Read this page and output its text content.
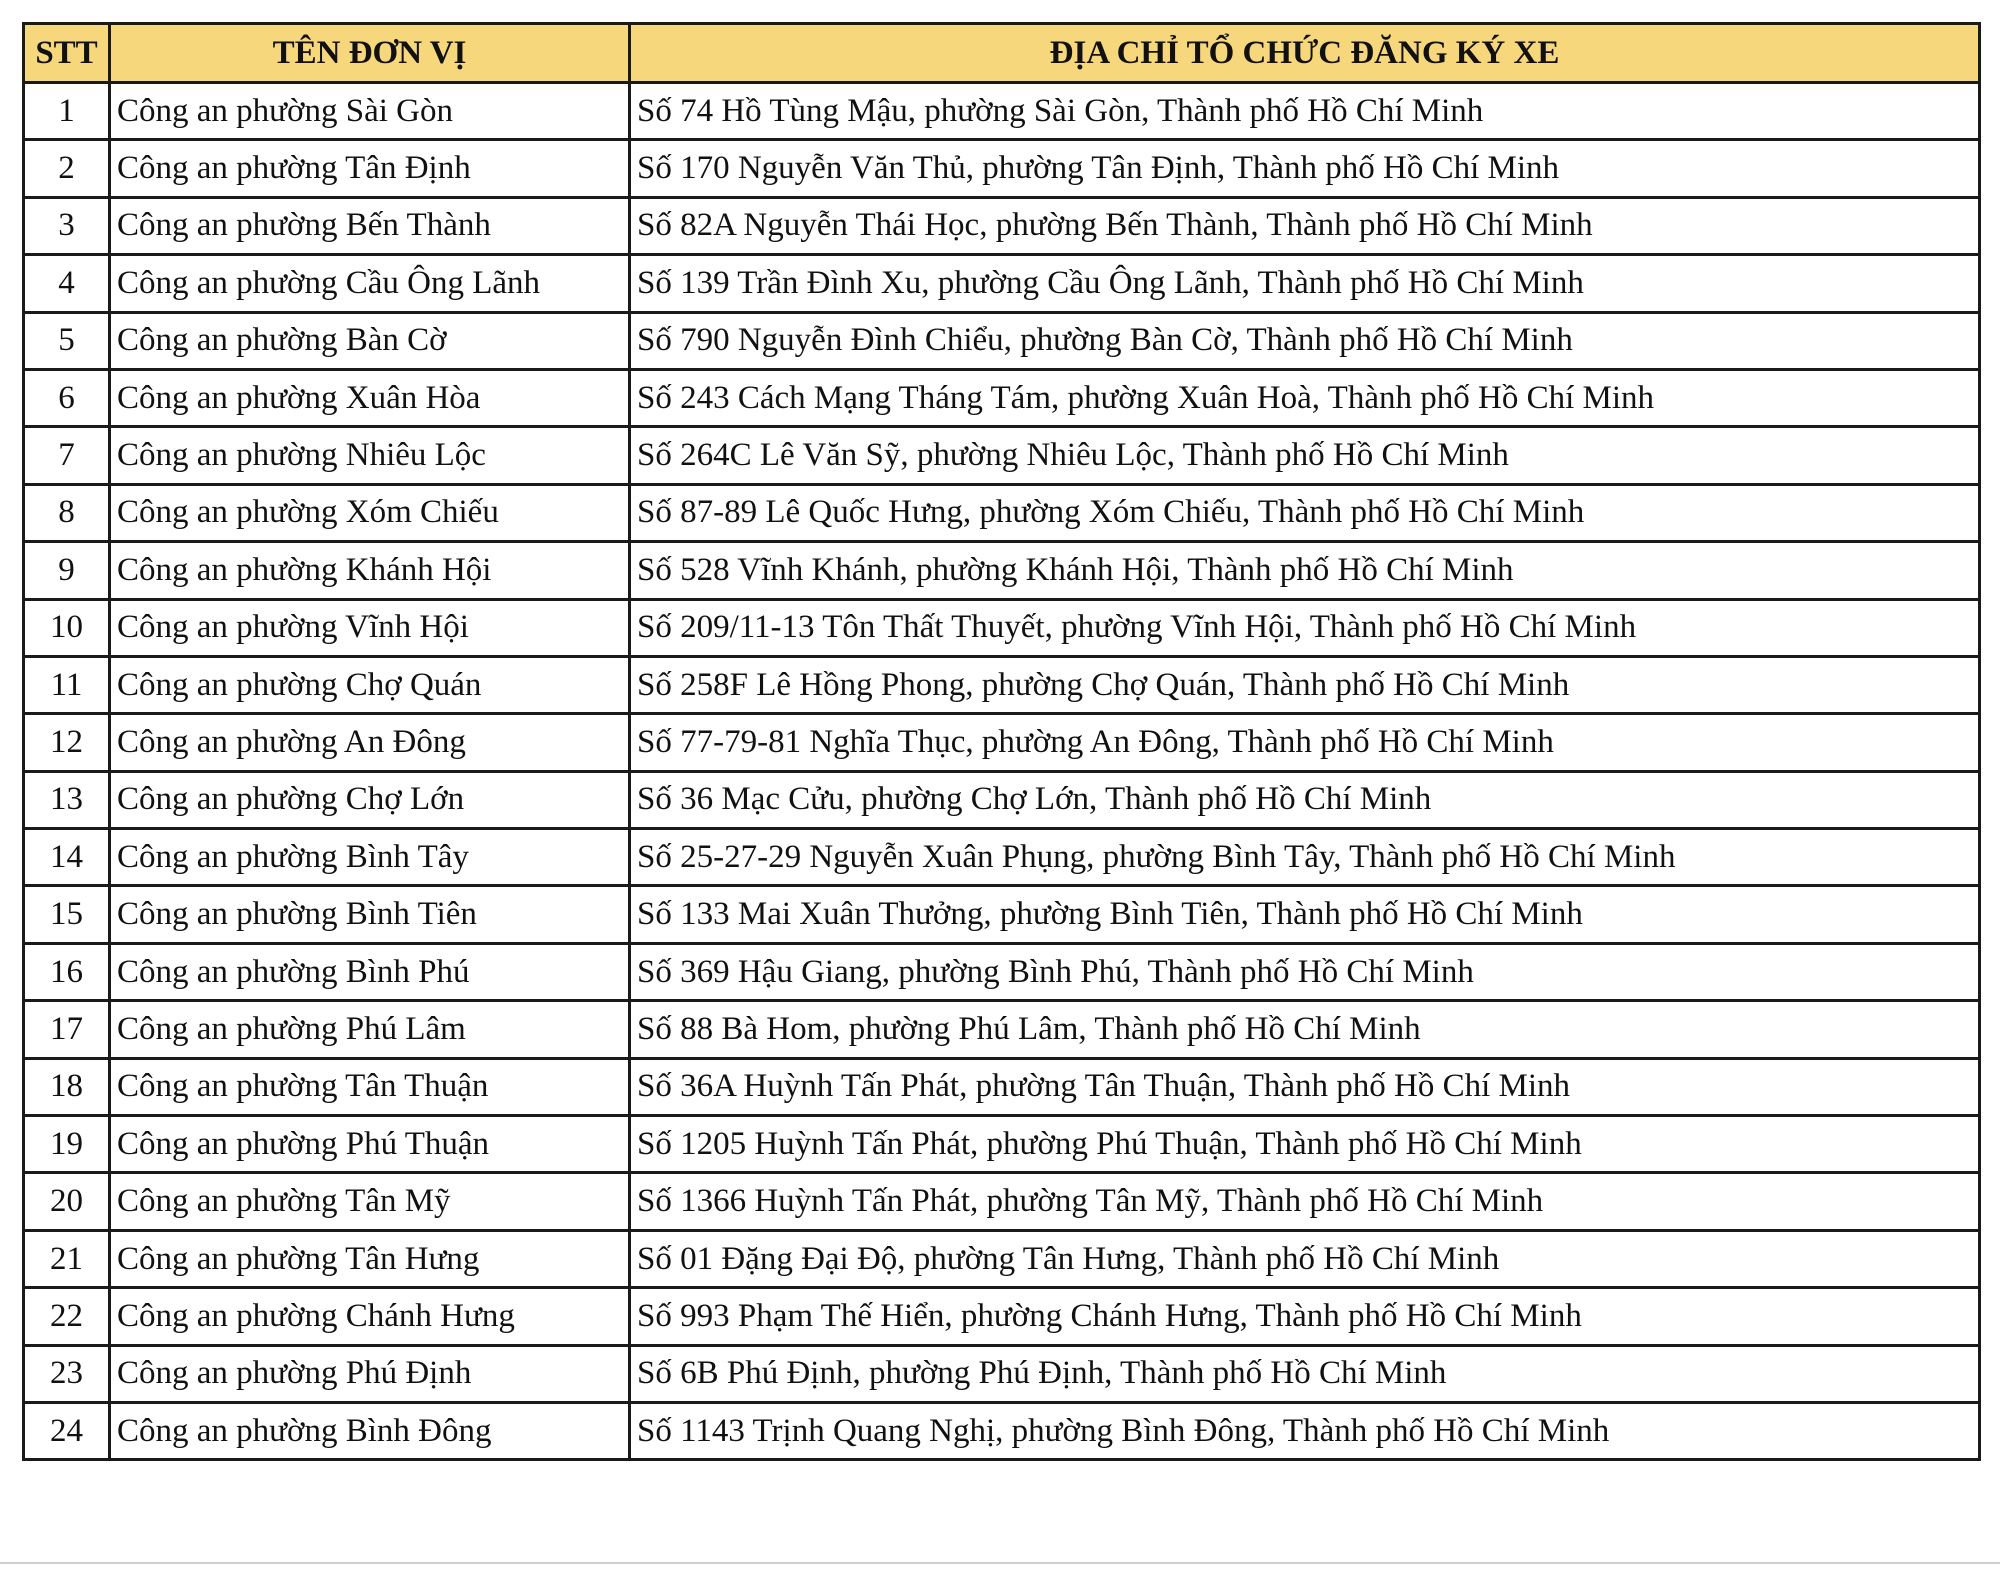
STT	TÊN ĐƠN VỊ	ĐỊA CHỈ TỔ CHỨC ĐĂNG KÝ XE
1	Công an phường Sài Gòn	Số 74 Hồ Tùng Mậu, phường Sài Gòn, Thành phố Hồ Chí Minh
2	Công an phường Tân Định	Số 170 Nguyễn Văn Thủ, phường Tân Định, Thành phố Hồ Chí Minh
3	Công an phường Bến Thành	Số 82A Nguyễn Thái Học, phường Bến Thành, Thành phố Hồ Chí Minh
4	Công an phường Cầu Ông Lãnh	Số 139 Trần Đình Xu, phường Cầu Ông Lãnh, Thành phố Hồ Chí Minh
5	Công an phường Bàn Cờ	Số 790 Nguyễn Đình Chiểu, phường Bàn Cờ, Thành phố Hồ Chí Minh
6	Công an phường Xuân Hòa	Số 243 Cách Mạng Tháng Tám, phường Xuân Hoà, Thành phố Hồ Chí Minh
7	Công an phường Nhiêu Lộc	Số 264C Lê Văn Sỹ, phường Nhiêu Lộc, Thành phố Hồ Chí Minh
8	Công an phường Xóm Chiếu	Số 87-89 Lê Quốc Hưng, phường Xóm Chiếu, Thành phố Hồ Chí Minh
9	Công an phường Khánh Hội	Số 528 Vĩnh Khánh, phường Khánh Hội, Thành phố Hồ Chí Minh
10	Công an phường Vĩnh Hội	Số 209/11-13 Tôn Thất Thuyết, phường Vĩnh Hội, Thành phố Hồ Chí Minh
11	Công an phường Chợ Quán	Số 258F Lê Hồng Phong, phường Chợ Quán, Thành phố Hồ Chí Minh
12	Công an phường An Đông	Số 77-79-81 Nghĩa Thục, phường An Đông, Thành phố Hồ Chí Minh
13	Công an phường Chợ Lớn	Số 36 Mạc Cửu, phường Chợ Lớn, Thành phố Hồ Chí Minh
14	Công an phường Bình Tây	Số 25-27-29 Nguyễn Xuân Phụng, phường Bình Tây, Thành phố Hồ Chí Minh
15	Công an phường Bình Tiên	Số 133 Mai Xuân Thưởng, phường Bình Tiên, Thành phố Hồ Chí Minh
16	Công an phường Bình Phú	Số 369 Hậu Giang, phường Bình Phú, Thành phố Hồ Chí Minh
17	Công an phường Phú Lâm	Số 88 Bà Hom, phường Phú Lâm, Thành phố Hồ Chí Minh
18	Công an phường Tân Thuận	Số 36A Huỳnh Tấn Phát, phường Tân Thuận, Thành phố Hồ Chí Minh
19	Công an phường Phú Thuận	Số 1205 Huỳnh Tấn Phát, phường Phú Thuận, Thành phố Hồ Chí Minh
20	Công an phường Tân Mỹ	Số 1366 Huỳnh Tấn Phát, phường Tân Mỹ, Thành phố Hồ Chí Minh
21	Công an phường Tân Hưng	Số 01 Đặng Đại Độ, phường Tân Hưng, Thành phố Hồ Chí Minh
22	Công an phường Chánh Hưng	Số 993 Phạm Thế Hiển, phường Chánh Hưng, Thành phố Hồ Chí Minh
23	Công an phường Phú Định	Số 6B Phú Định, phường Phú Định, Thành phố Hồ Chí Minh
24	Công an phường Bình Đông	Số 1143 Trịnh Quang Nghị, phường Bình Đông, Thành phố Hồ Chí Minh
